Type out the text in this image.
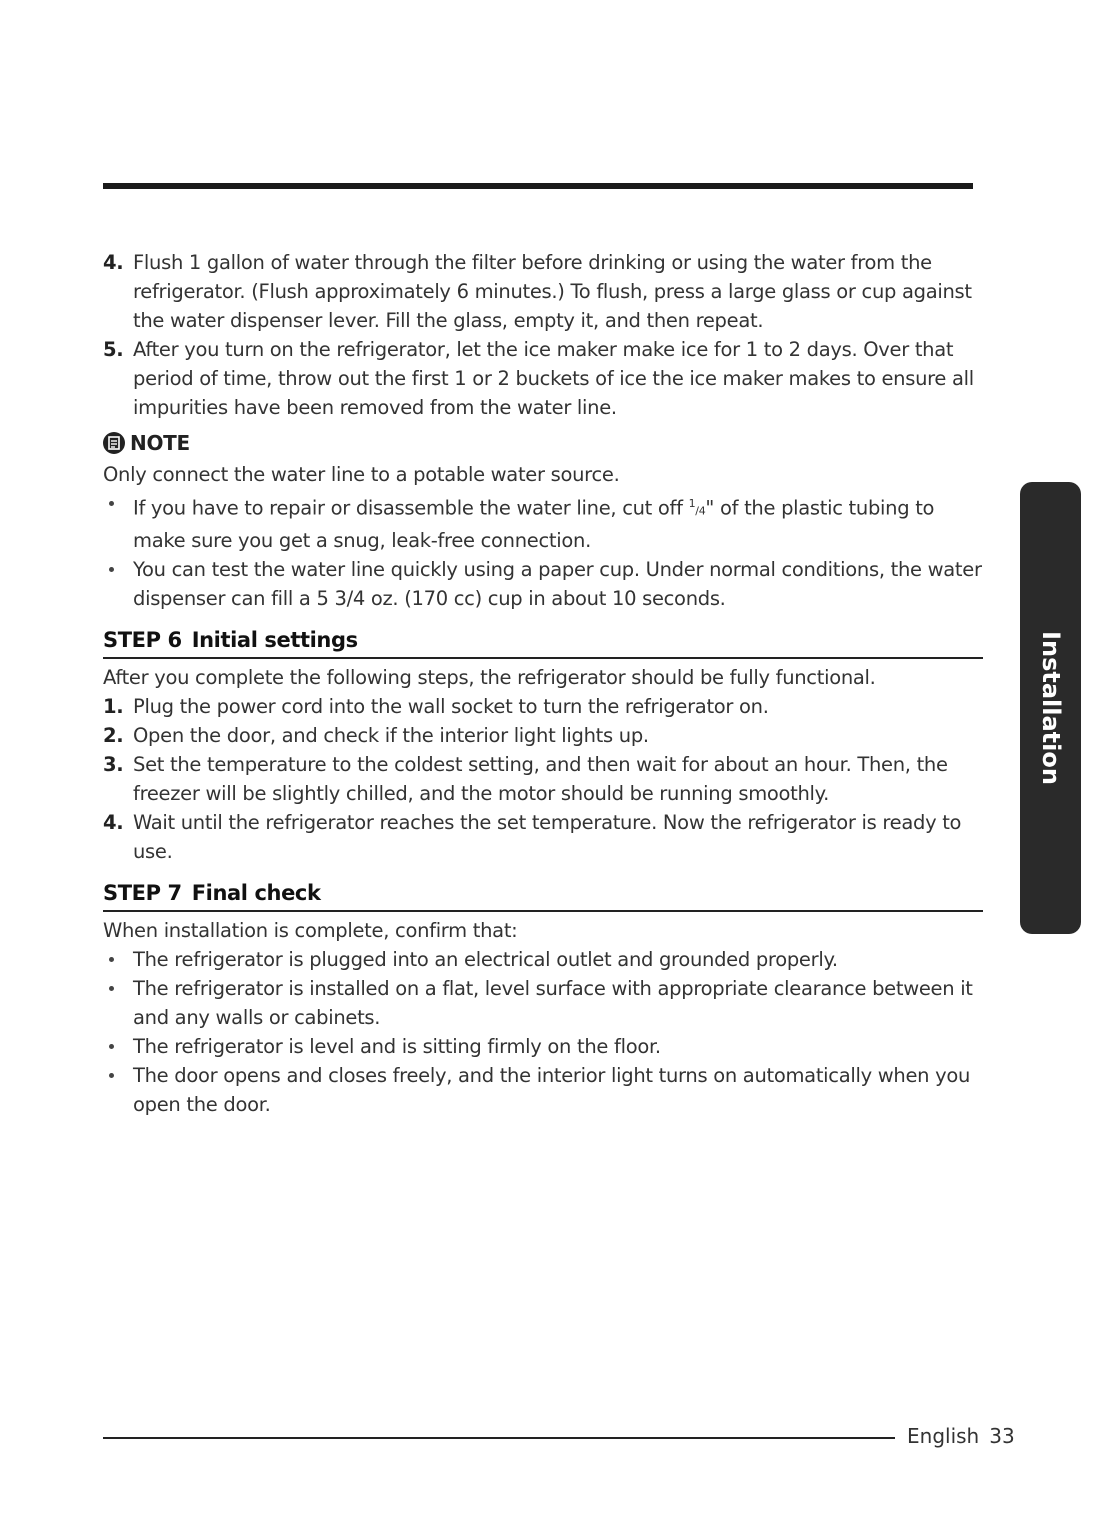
4. Flush 1 gallon of water through the filter before drinking or using the water from the refrigerator. (Flush approximately 6 minutes.) To flush, press a large glass or cup against the water dispenser lever. Fill the glass, empty it, and then repeat.
5. After you turn on the refrigerator, let the ice maker make ice for 1 to 2 days. Over that period of time, throw out the first 1 or 2 buckets of ice the ice maker makes to ensure all impurities have been removed from the water line.
NOTE

Only connect the water line to a potable water source.

If you have to repair or disassemble the water line, cut off $^1$/4" of the plastic tubing to make sure you get a snug, leak-free connection.
You can test the water line quickly using a paper cup. Under normal conditions, the water dispenser can fill a 5 3/4 oz. (170 cc) cup in about 10 seconds.
STEP 6 Initial settings

After you complete the following steps, the refrigerator should be fully functional.

1. Plug the power cord into the wall socket to turn the refrigerator on.
2. Open the door, and check if the interior light lights up.
3. Set the temperature to the coldest setting, and then wait for about an hour. Then, the freezer will be slightly chilled, and the motor should be running smoothly.
4. Wait until the refrigerator reaches the set temperature. Now the refrigerator is ready to use.
STEP 7 Final check

When installation is complete, confirm that:

The refrigerator is plugged into an electrical outlet and grounded properly.
The refrigerator is installed on a flat, level surface with appropriate clearance between it and any walls or cabinets.
The refrigerator is level and is sitting firmly on the floor.
The door opens and closes freely, and the interior light turns on automatically when you open the door.
Installation
English 33
